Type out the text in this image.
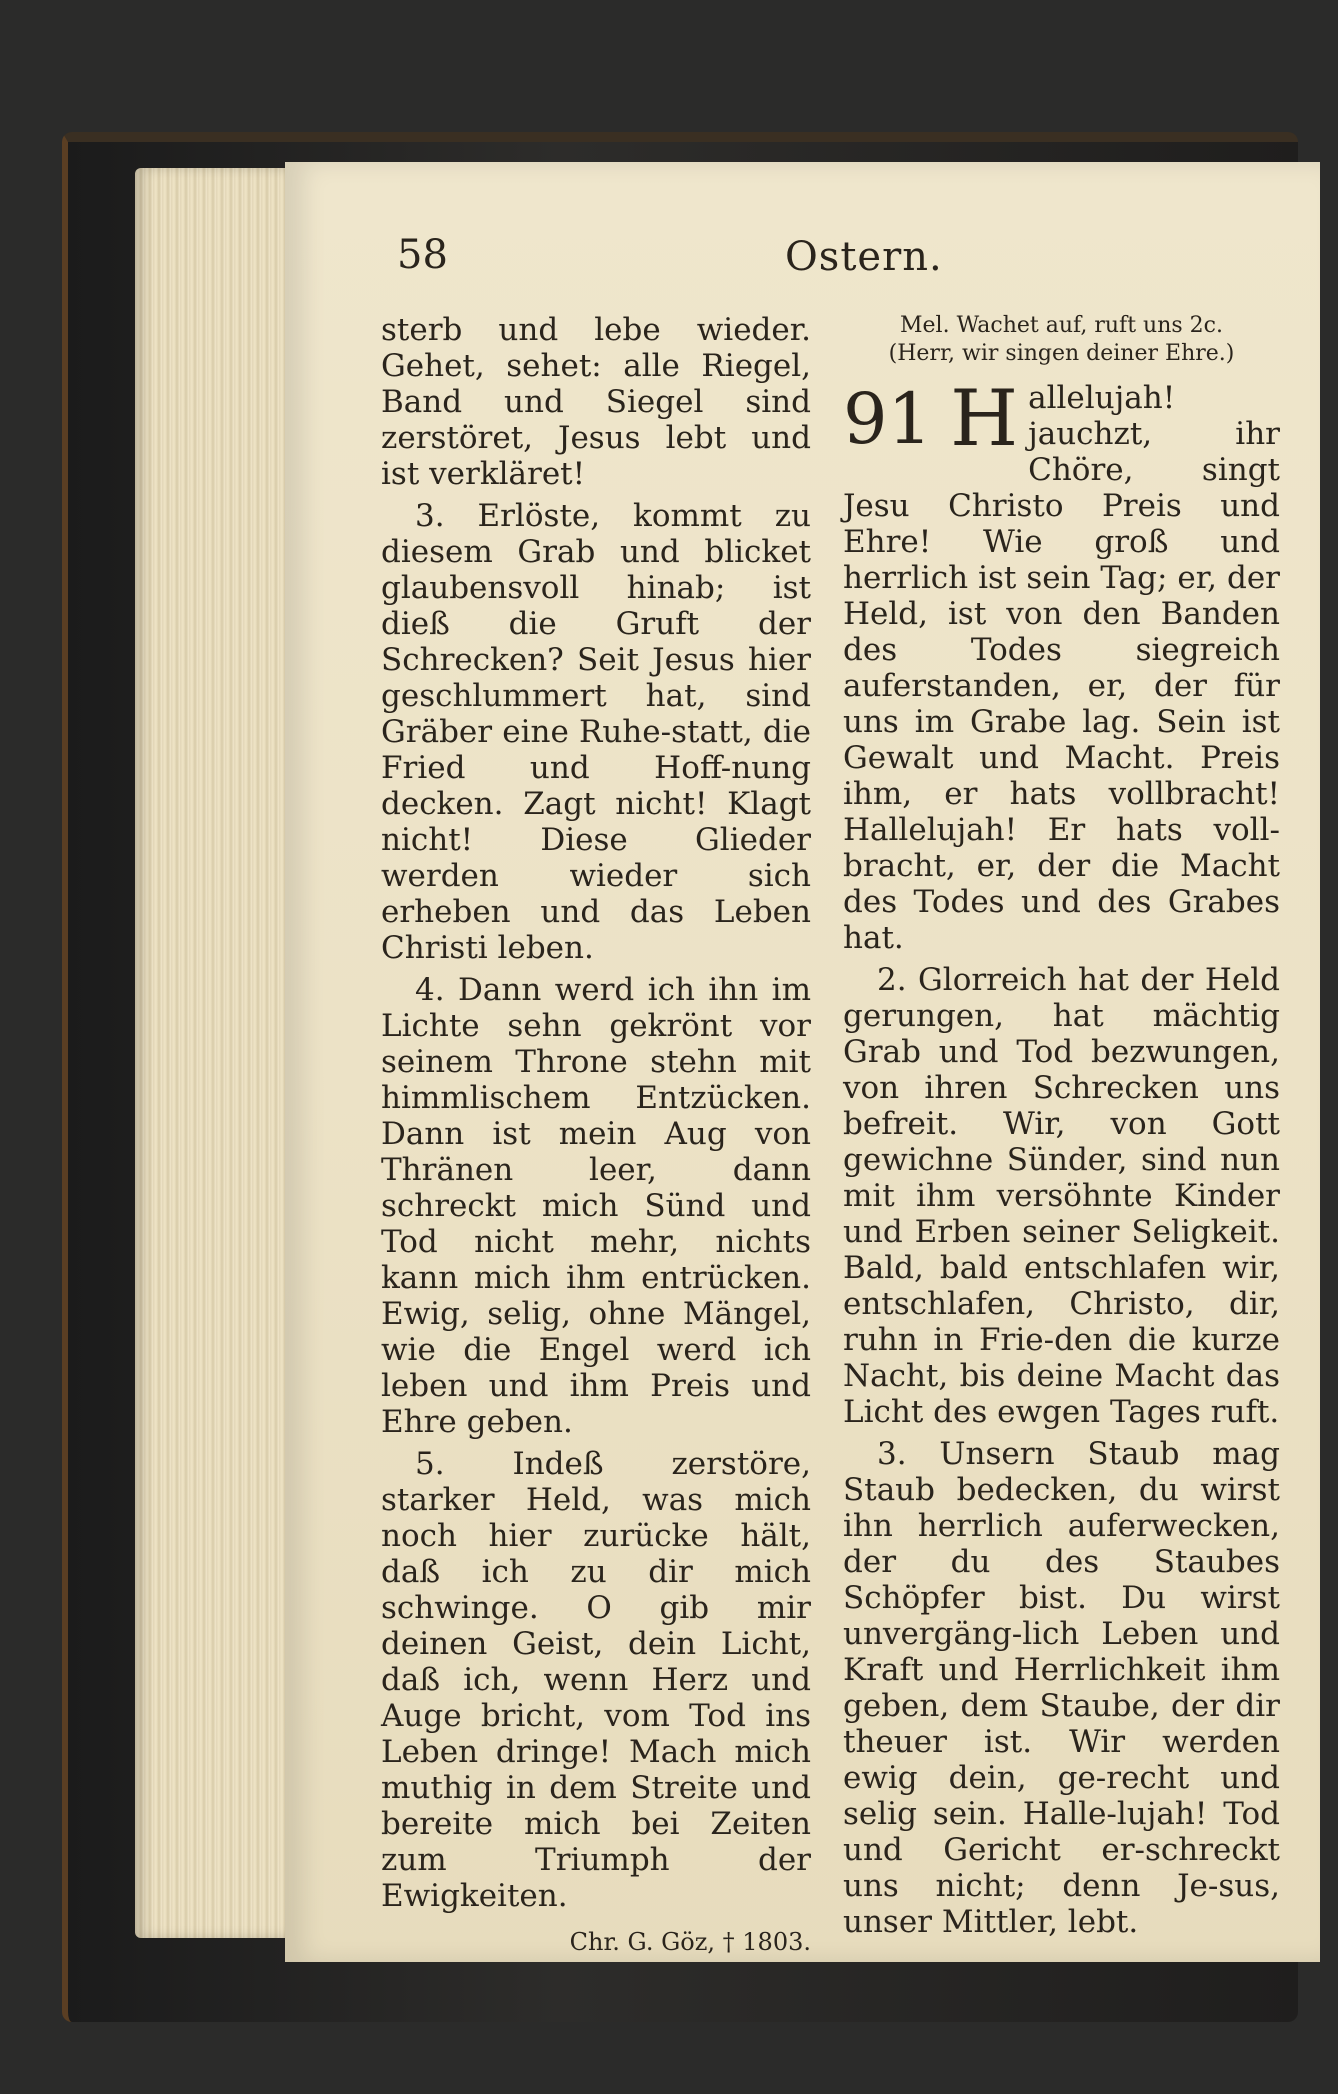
58	Ostern.

sterb und lebe wieder. Gehet, sehet: alle Riegel, Band und Siegel sind zerstöret, Jesus lebt und ist verkläret!

3. Erlöste, kommt zu diesem Grab und blicket glaubensvoll hinab; ist dieß die Gruft der Schrecken? Seit Jesus hier geschlummert hat, sind Gräber eine Ruhe-statt, die Fried und Hoff-nung decken. Zagt nicht! Klagt nicht! Diese Glieder werden wieder sich erheben und das Leben Christi leben.

4. Dann werd ich ihn im Lichte sehn gekrönt vor seinem Throne stehn mit himmlischem Entzücken. Dann ist mein Aug von Thränen leer, dann schreckt mich Sünd und Tod nicht mehr, nichts kann mich ihm entrücken. Ewig, selig, ohne Mängel, wie die Engel werd ich leben und ihm Preis und Ehre geben.

5. Indeß zerstöre, starker Held, was mich noch hier zurücke hält, daß ich zu dir mich schwinge. O gib mir deinen Geist, dein Licht, daß ich, wenn Herz und Auge bricht, vom Tod ins Leben dringe! Mach mich muthig in dem Streite und bereite mich bei Zeiten zum Triumph der Ewigkeiten.

Chr. G. Göz, † 1803.
Mel. Wachet auf, ruft uns 2c.
(Herr, wir singen deiner Ehre.)

91 H allelujah! jauchzt, ihr Chöre, singt Jesu Christo Preis und Ehre! Wie groß und herrlich ist sein Tag; er, der Held, ist von den Banden des Todes siegreich auferstanden, er, der für uns im Grabe lag. Sein ist Gewalt und Macht. Preis ihm, er hats vollbracht! Hallelujah! Er hats voll-bracht, er, der die Macht des Todes und des Grabes hat.

2. Glorreich hat der Held gerungen, hat mächtig Grab und Tod bezwungen, von ihren Schrecken uns befreit. Wir, von Gott gewichne Sünder, sind nun mit ihm versöhnte Kinder und Erben seiner Seligkeit. Bald, bald entschlafen wir, entschlafen, Christo, dir, ruhn in Frie-den die kurze Nacht, bis deine Macht das Licht des ewgen Tages ruft.

3. Unsern Staub mag Staub bedecken, du wirst ihn herrlich auferwecken, der du des Staubes Schöpfer bist. Du wirst unvergäng-lich Leben und Kraft und Herrlichkeit ihm geben, dem Staube, der dir theuer ist. Wir werden ewig dein, ge-recht und selig sein. Halle-lujah! Tod und Gericht er-schreckt uns nicht; denn Je-sus, unser Mittler, lebt.
